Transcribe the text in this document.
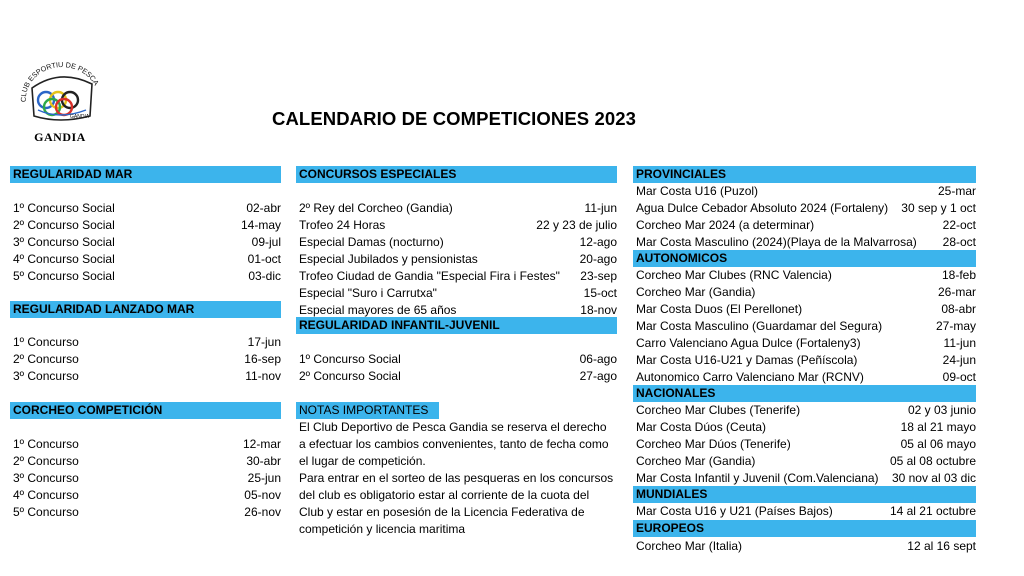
CLUB ESPORTIU DE PESCA
GANDIA
GANDIA
CALENDARIO DE COMPETICIONES 2023
REGULARIDAD MAR
1º Concurso Social	02-abr
2º Concurso Social	14-may
3º Concurso Social	09-jul
4º Concurso Social	01-oct
5º Concurso Social	03-dic
REGULARIDAD LANZADO MAR
1º Concurso	17-jun
2º Concurso	16-sep
3º Concurso	11-nov
CORCHEO COMPETICIÓN
1º Concurso	12-mar
2º Concurso	30-abr
3º Concurso	25-jun
4º Concurso	05-nov
5º Concurso	26-nov
CONCURSOS ESPECIALES
2º Rey del Corcheo (Gandia)	11-jun
Trofeo 24 Horas	22 y 23 de julio
Especial Damas (nocturno)	12-ago
Especial Jubilados y pensionistas	20-ago
Trofeo Ciudad de Gandia "Especial Fira i Festes" 23-sep
Especial "Suro i Carrutxa"	15-oct
Especial mayores de 65 años	18-nov
REGULARIDAD INFANTIL-JUVENIL
1º Concurso Social	06-ago
2º Concurso Social	27-ago
NOTAS IMPORTANTES
El Club Deportivo de Pesca Gandia se reserva el derecho
a efectuar los cambios convenientes, tanto de fecha como
el lugar de competición.
Para entrar en el sorteo de las pesqueras en los concursos
del club es obligatorio estar al corriente de la cuota del
Club y estar en posesión de la Licencia Federativa de
competición y licencia maritima
PROVINCIALES
Mar Costa U16 (Puzol)	25-mar
Agua Dulce Cebador Absoluto 2024 (Fortaleny) 30 sep y 1 oct
Corcheo Mar 2024 (a determinar)	22-oct
Mar Costa Masculino (2024)(Playa de la Malvarrosa) 28-oct
AUTONOMICOS
Corcheo Mar Clubes (RNC Valencia)	18-feb
Corcheo Mar (Gandia)	26-mar
Mar Costa Duos (El Perellonet)	08-abr
Mar Costa Masculino (Guardamar del Segura)	27-may
Carro Valenciano Agua Dulce (Fortaleny3)	11-jun
Mar Costa U16-U21 y Damas (Peñíscola)	24-jun
Autonomico Carro Valenciano Mar (RCNV)	09-oct
NACIONALES
Corcheo Mar Clubes (Tenerife)	02 y 03 junio
Mar Costa Dúos (Ceuta)	18 al 21 mayo
Corcheo Mar Dúos (Tenerife)	05 al 06 mayo
Corcheo Mar (Gandia)	05 al 08 octubre
Mar Costa Infantil y Juvenil (Com.Valenciana) 30 nov al 03 dic
MUNDIALES
Mar Costa U16 y U21 (Países Bajos)	14 al 21 octubre
EUROPEOS
Corcheo Mar (Italia)	12 al 16 sept
